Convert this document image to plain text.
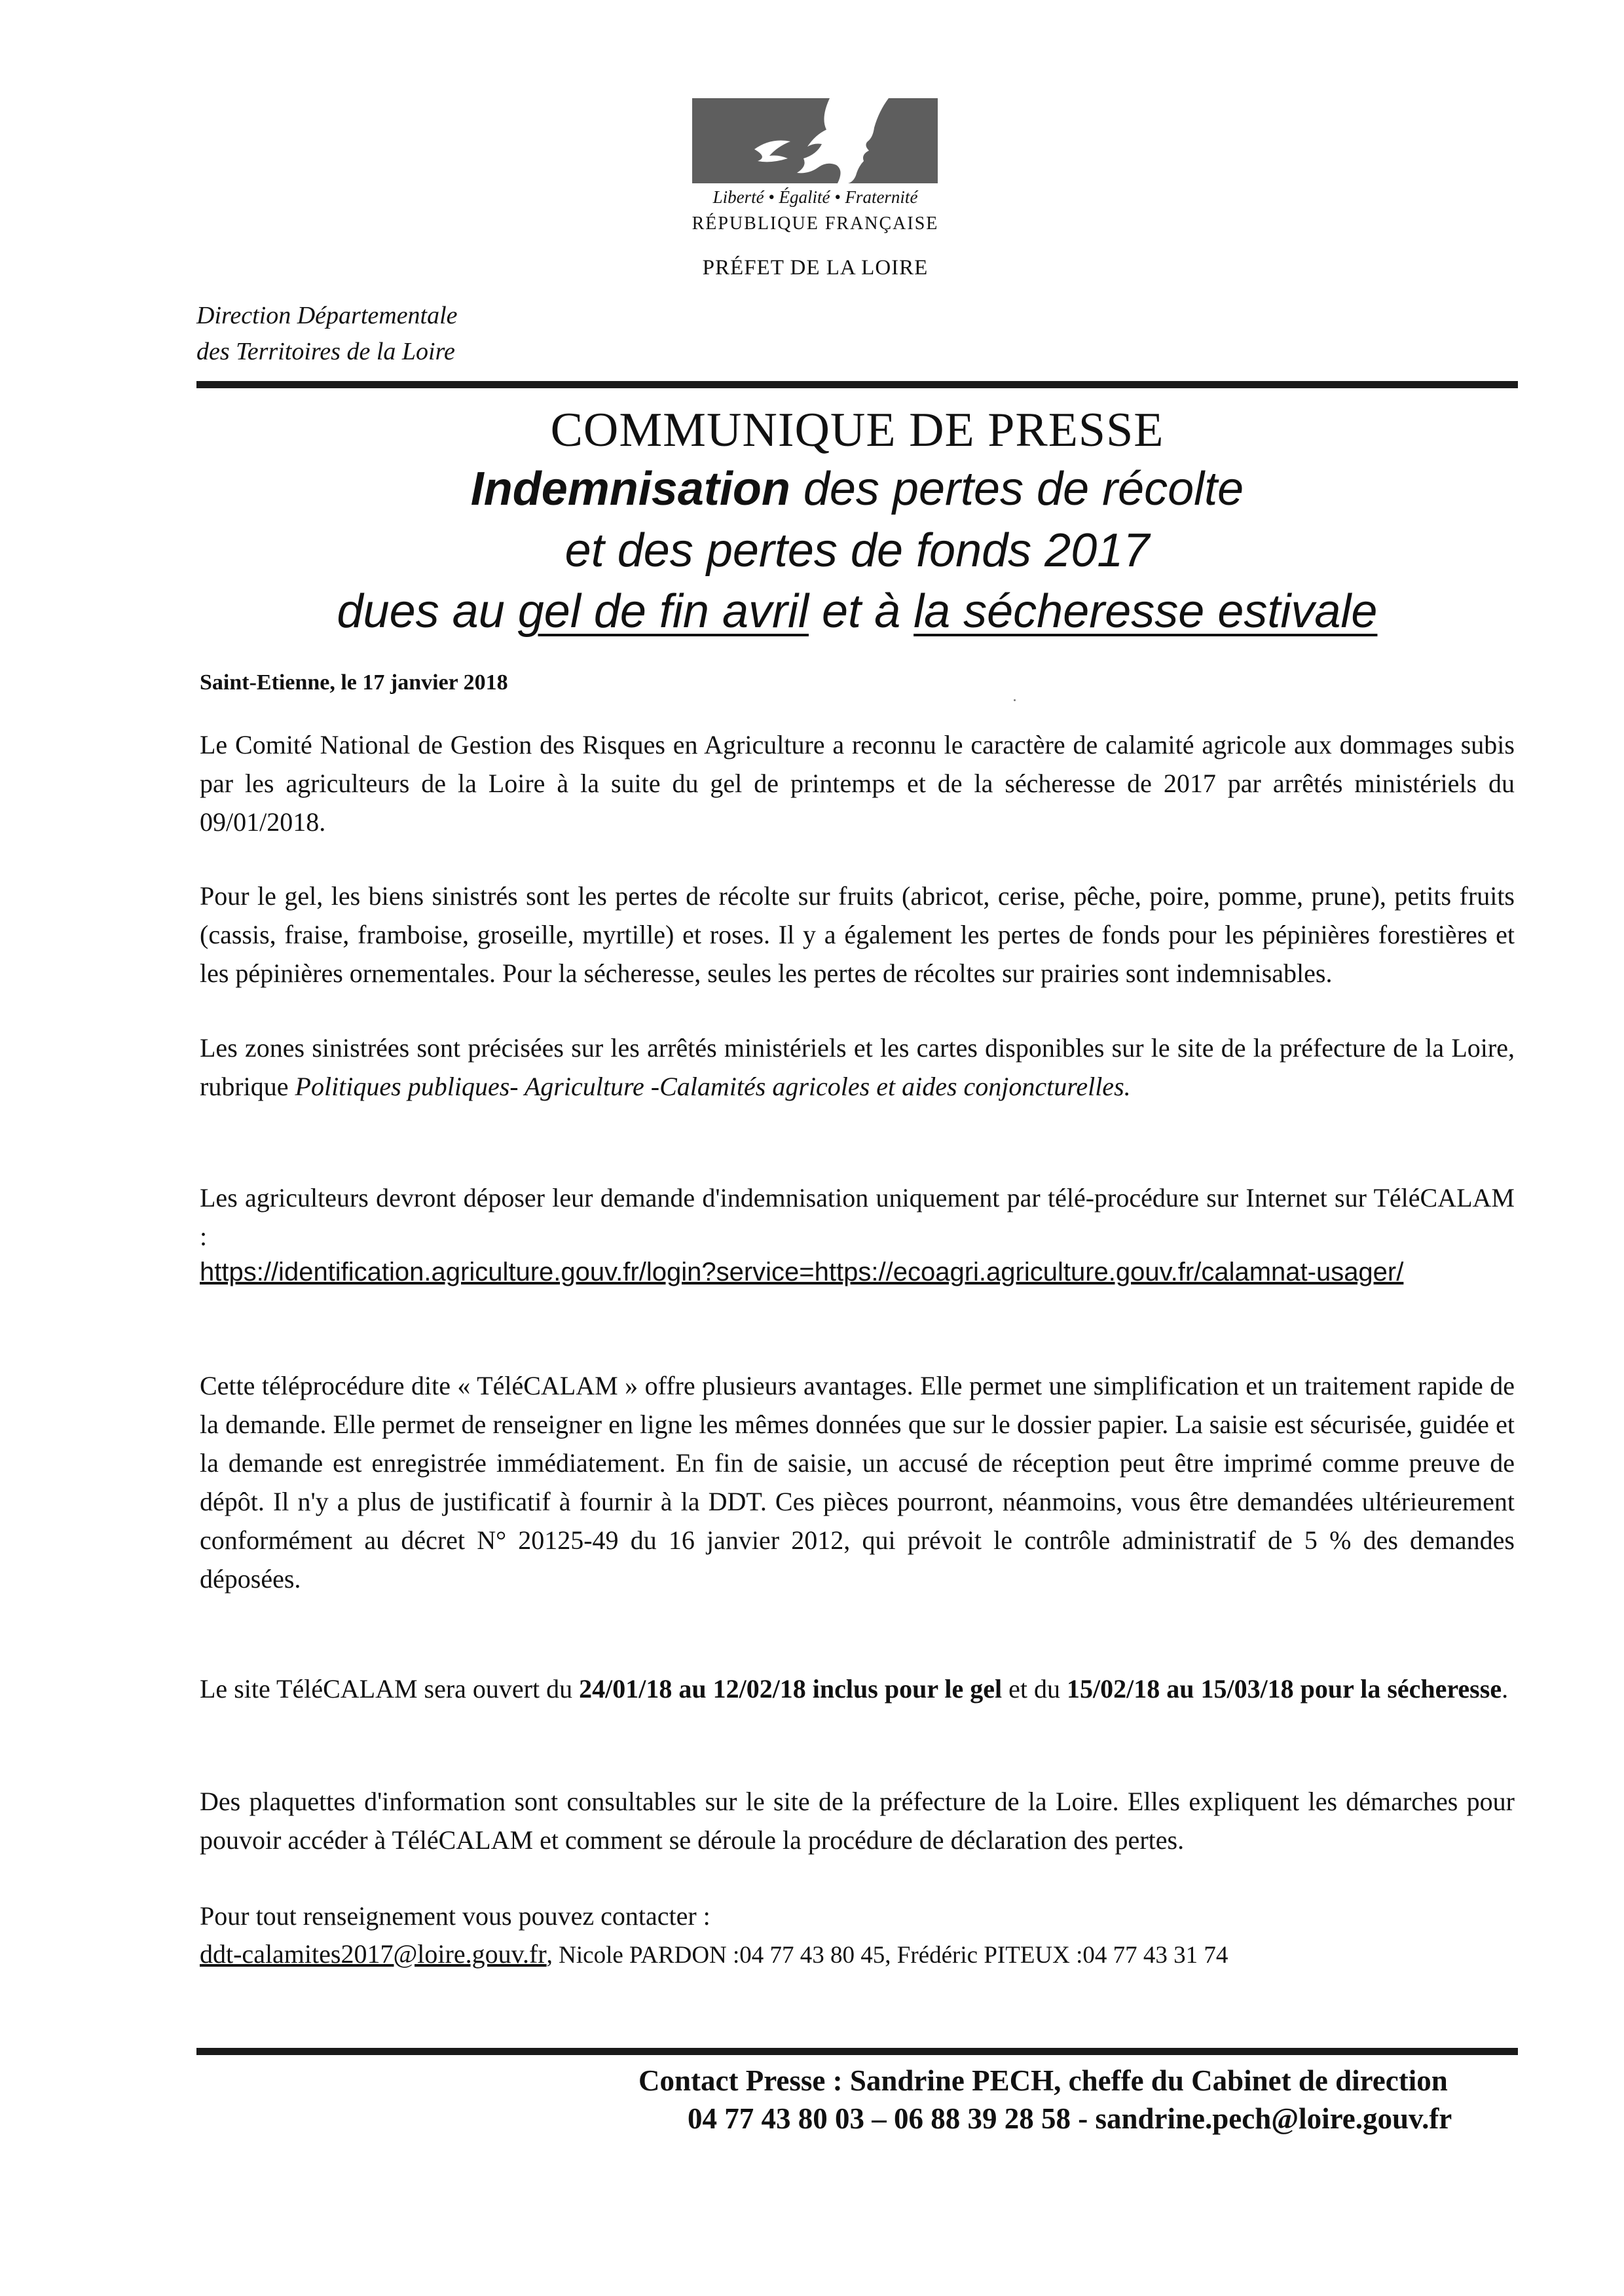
Liberté • Égalité • Fraternité
RÉPUBLIQUE FRANÇAISE
PRÉFET DE LA LOIRE
Direction Départementale
des Territoires de la Loire
COMMUNIQUE DE PRESSE
Indemnisation des pertes de récolte
et des pertes de fonds 2017
dues au gel de fin avril et à la sécheresse estivale
Saint-Etienne, le 17 janvier 2018

Le Comité National de Gestion des Risques en Agriculture a reconnu le caractère de calamité agricole aux dommages subis par les agriculteurs de la Loire à la suite du gel de printemps et de la sécheresse de 2017 par arrêtés ministériels du 09/01/2018.

Pour le gel, les biens sinistrés sont les pertes de récolte sur fruits (abricot, cerise, pêche, poire, pomme, prune), petits fruits (cassis, fraise, framboise, groseille, myrtille) et roses. Il y a également les pertes de fonds pour les pépinières forestières et les pépinières ornementales. Pour la sécheresse, seules les pertes de récoltes sur prairies sont indemnisables.

Les zones sinistrées sont précisées sur les arrêtés ministériels et les cartes disponibles sur le site de la préfecture de la Loire, rubrique Politiques publiques- Agriculture -Calamités agricoles et aides conjoncturelles.

Les agriculteurs devront déposer leur demande d'indemnisation uniquement par télé-procédure sur Internet sur TéléCALAM :

https://identification.agriculture.gouv.fr/login?service=https://ecoagri.agriculture.gouv.fr/calamnat-usager/

Cette téléprocédure dite « TéléCALAM » offre plusieurs avantages. Elle permet une simplification et un traitement rapide de la demande. Elle permet de renseigner en ligne les mêmes données que sur le dossier papier. La saisie est sécurisée, guidée et la demande est enregistrée immédiatement. En fin de saisie, un accusé de réception peut être imprimé comme preuve de dépôt. Il n'y a plus de justificatif à fournir à la DDT. Ces pièces pourront, néanmoins, vous être demandées ultérieurement conformément au décret N° 20125-49 du 16 janvier 2012, qui prévoit le contrôle administratif de 5 % des demandes déposées.

Le site TéléCALAM sera ouvert du 24/01/18 au 12/02/18 inclus pour le gel et du 15/02/18 au 15/03/18 pour la sécheresse.

Des plaquettes d'information sont consultables sur le site de la préfecture de la Loire. Elles expliquent les démarches pour pouvoir accéder à TéléCALAM et comment se déroule la procédure de déclaration des pertes.

Pour tout renseignement vous pouvez contacter :

ddt-calamites2017@loire.gouv.fr, Nicole PARDON :04 77 43 80 45, Frédéric PITEUX :04 77 43 31 74
Contact Presse : Sandrine PECH, cheffe du Cabinet de direction
04 77 43 80 03 – 06 88 39 28 58 - sandrine.pech@loire.gouv.fr
